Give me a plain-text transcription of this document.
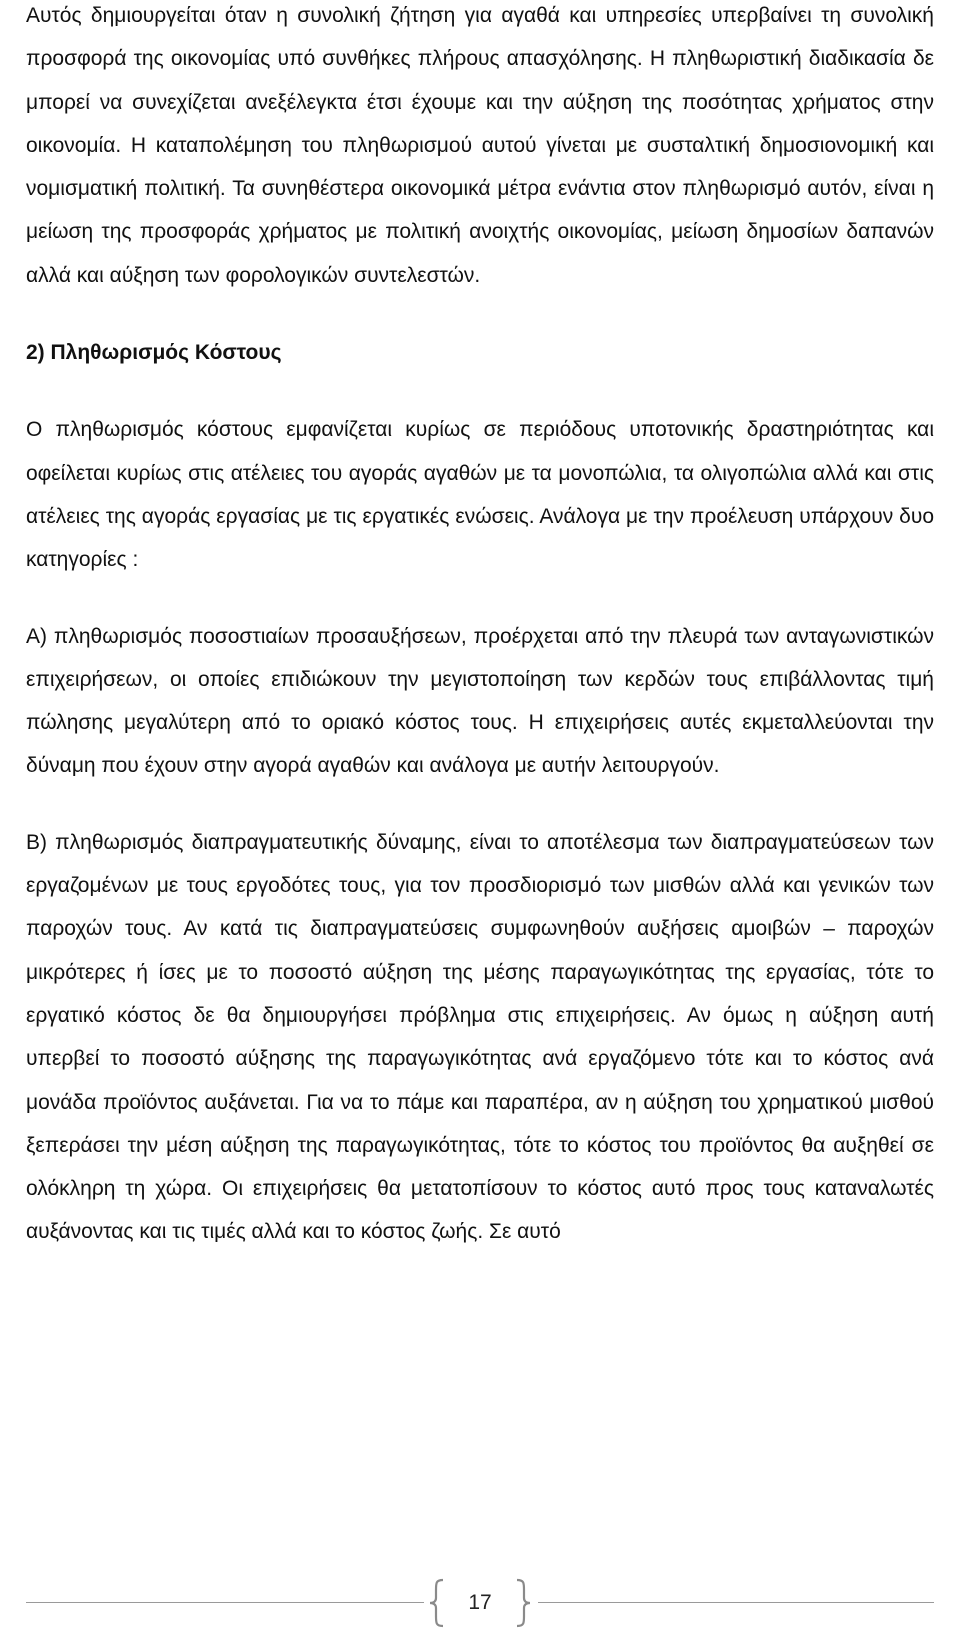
Αυτός δημιουργείται όταν η συνολική ζήτηση για αγαθά και υπηρεσίες υπερβαίνει τη συνολική προσφορά της οικονομίας υπό συνθήκες πλήρους απασχόλησης. Η πληθωριστική διαδικασία δε μπορεί να συνεχίζεται ανεξέλεγκτα έτσι έχουμε και την αύξηση της ποσότητας χρήματος στην οικονομία. Η καταπολέμηση του πληθωρισμού αυτού γίνεται με συσταλτική δημοσιονομική και νομισματική πολιτική. Τα συνηθέστερα οικονομικά μέτρα ενάντια στον πληθωρισμό αυτόν, είναι η μείωση της προσφοράς χρήματος με πολιτική ανοιχτής οικονομίας, μείωση δημοσίων δαπανών αλλά και αύξηση των φορολογικών συντελεστών.

2) Πληθωρισμός Κόστους

Ο πληθωρισμός κόστους εμφανίζεται κυρίως σε περιόδους υποτονικής δραστηριότητας και οφείλεται κυρίως στις ατέλειες του αγοράς αγαθών με τα μονοπώλια, τα ολιγοπώλια αλλά και στις ατέλειες της αγοράς εργασίας με τις εργατικές ενώσεις. Ανάλογα με την προέλευση υπάρχουν δυο κατηγορίες :

Α) πληθωρισμός ποσοστιαίων προσαυξήσεων, προέρχεται από την πλευρά των ανταγωνιστικών επιχειρήσεων, οι οποίες επιδιώκουν την μεγιστοποίηση των κερδών τους επιβάλλοντας τιμή πώλησης μεγαλύτερη από το οριακό κόστος τους. Η επιχειρήσεις αυτές εκμεταλλεύονται την δύναμη που έχουν στην αγορά αγαθών και ανάλογα με αυτήν λειτουργούν.

Β) πληθωρισμός διαπραγματευτικής δύναμης, είναι το αποτέλεσμα των διαπραγματεύσεων των εργαζομένων με τους εργοδότες τους, για τον προσδιορισμό των μισθών αλλά και γενικών των παροχών τους. Αν κατά τις διαπραγματεύσεις συμφωνηθούν αυξήσεις αμοιβών – παροχών μικρότερες ή ίσες με το ποσοστό αύξηση της μέσης παραγωγικότητας της εργασίας, τότε το εργατικό κόστος δε θα δημιουργήσει πρόβλημα στις επιχειρήσεις. Αν όμως η αύξηση αυτή υπερβεί το ποσοστό αύξησης της παραγωγικότητας ανά εργαζόμενο τότε και το κόστος ανά μονάδα προϊόντος αυξάνεται. Για να το πάμε και παραπέρα, αν η αύξηση του χρηματικού μισθού ξεπεράσει την μέση αύξηση της παραγωγικότητας, τότε το κόστος του προϊόντος θα αυξηθεί σε ολόκληρη τη χώρα. Οι επιχειρήσεις θα μετατοπίσουν το κόστος αυτό προς τους καταναλωτές αυξάνοντας και τις τιμές αλλά και το κόστος ζωής. Σε αυτό

17
